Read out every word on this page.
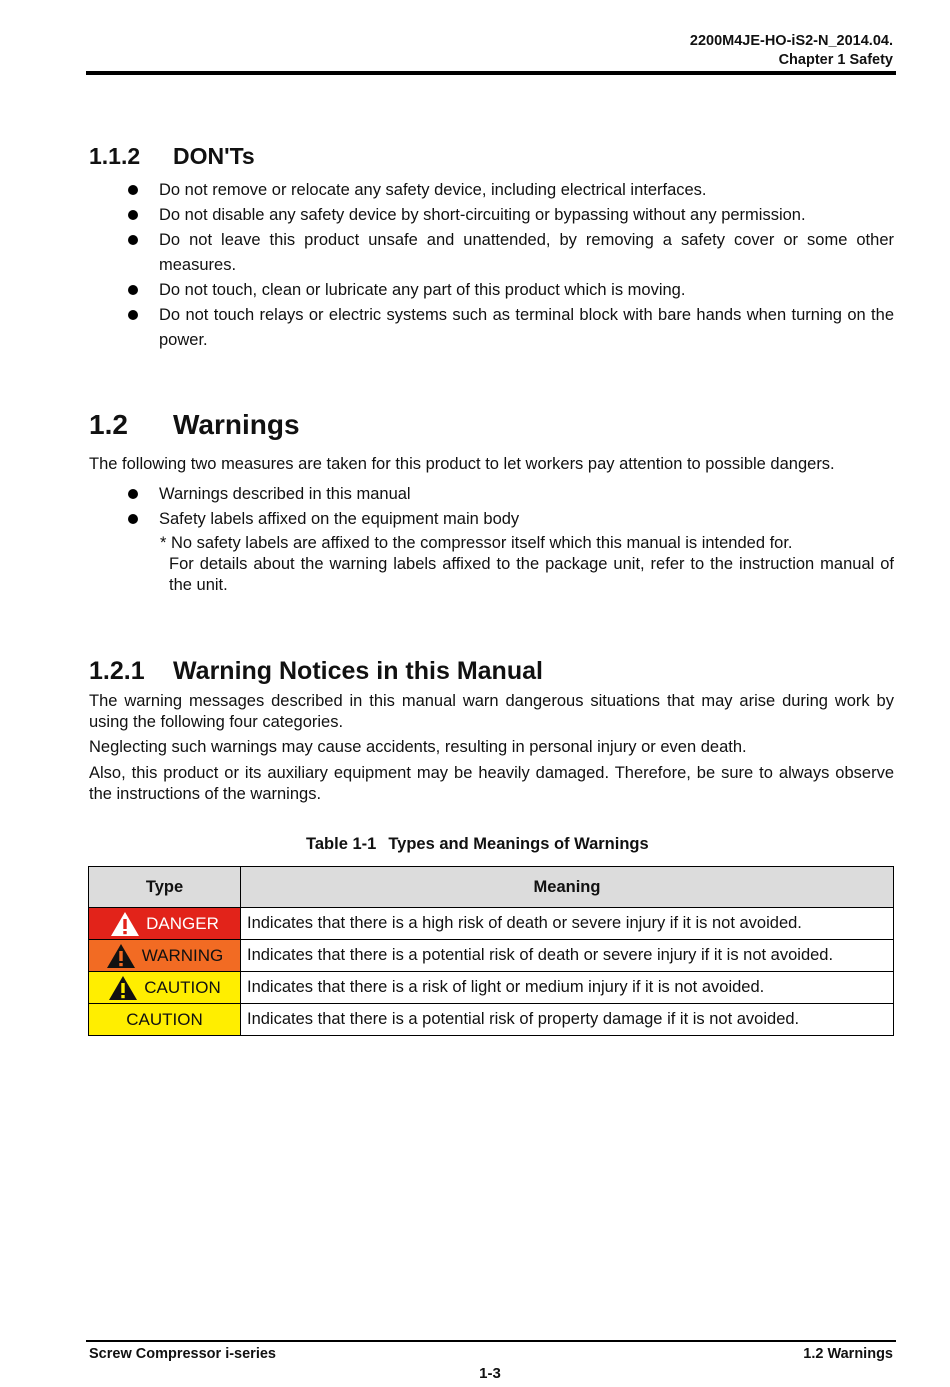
2200M4JE-HO-iS2-N_2014.04.
Chapter 1 Safety
1.1.2 DON'Ts
Do not remove or relocate any safety device, including electrical interfaces.
Do not disable any safety device by short-circuiting or bypassing without any permission.
Do not leave this product unsafe and unattended, by removing a safety cover or some other measures.
Do not touch, clean or lubricate any part of this product which is moving.
Do not touch relays or electric systems such as terminal block with bare hands when turning on the power.
1.2 Warnings
The following two measures are taken for this product to let workers pay attention to possible dangers.
Warnings described in this manual
Safety labels affixed on the equipment main body
* No safety labels are affixed to the compressor itself which this manual is intended for.
For details about the warning labels affixed to the package unit, refer to the instruction manual of the unit.
1.2.1 Warning Notices in this Manual
The warning messages described in this manual warn dangerous situations that may arise during work by using the following four categories.
Neglecting such warnings may cause accidents, resulting in personal injury or even death.
Also, this product or its auxiliary equipment may be heavily damaged. Therefore, be sure to always observe the instructions of the warnings.
Table 1-1 Types and Meanings of Warnings
Type	Meaning

DANGER	Indicates that there is a high risk of death or severe injury if it is not avoided.

WARNING	Indicates that there is a potential risk of death or severe injury if it is not avoided.

CAUTION	Indicates that there is a risk of light or medium injury if it is not avoided.

CAUTION	Indicates that there is a potential risk of property damage if it is not avoided.
Screw Compressor i-series	1.2 Warnings
1-3
